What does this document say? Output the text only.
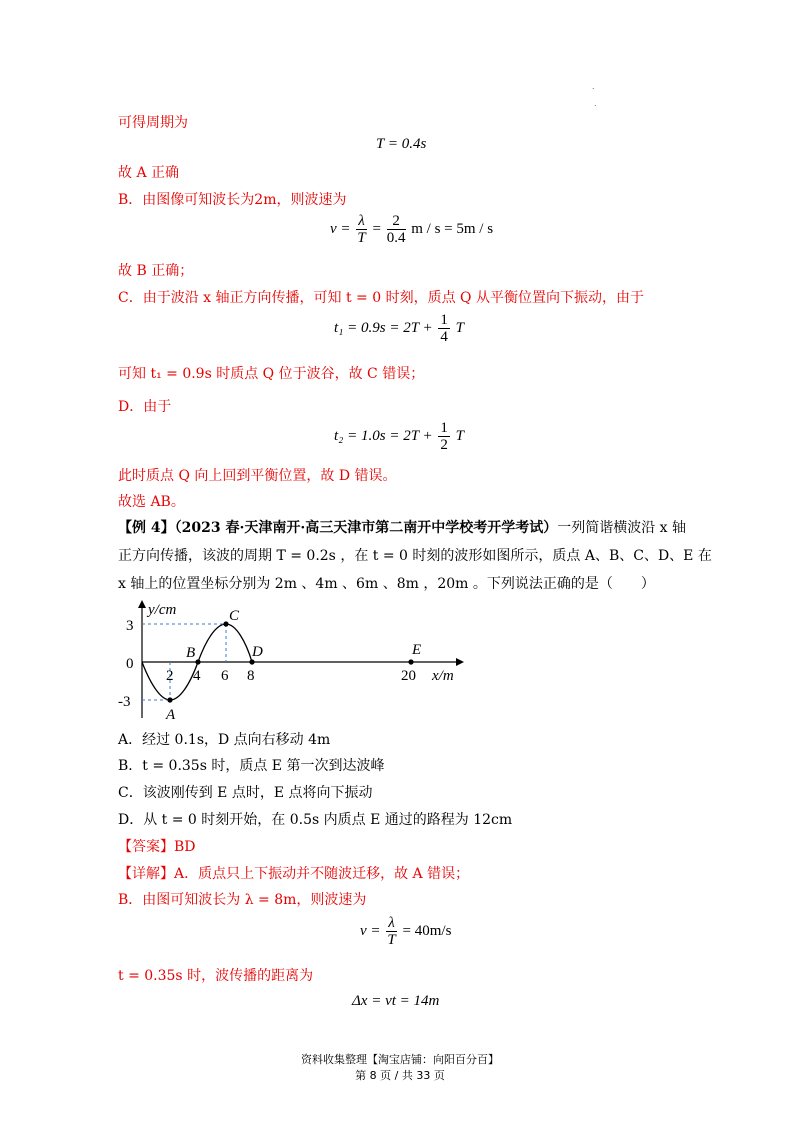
.
.
可得周期为
T = 0.4s
故 A 正确
B．由图像可知波长为2m，则波速为
$v = \frac{\lambda}{T} = \frac{2}{0.4}$ m / s = 5m / s
故 B 正确；
C．由于波沿 x 轴正方向传播，可知 t = 0 时刻，质点 Q 从平衡位置向下振动，由于
$t_1 = 0.9s = 2T + \frac{1}{4}$ T
可知 t₁ = 0.9s 时质点 Q 位于波谷，故 C 错误；
D．由于
$t_2 = 1.0s = 2T + \frac{1}{2}$ T
此时质点 Q 向上回到平衡位置，故 D 错误。
故选 AB。
【例 4】（2023 春·天津南开·高三天津市第二南开中学校考开学考试）一列简谐横波沿 x 轴
正方向传播，该波的周期 T = 0.2s ，在 t = 0 时刻的波形如图所示，质点 A、B、C、D、E 在
x 轴上的位置坐标分别为 2m 、4m 、6m 、8m ，20m 。下列说法正确的是（　　）
y/cm
x/m
3
0
-3
2 4 6 8	20
A
B
C
D	E
A．经过 0.1s，D 点向右移动 4m
B．t = 0.35s 时，质点 E 第一次到达波峰
C．该波刚传到 E 点时，E 点将向下振动
D．从 t = 0 时刻开始，在 0.5s 内质点 E 通过的路程为 12cm
【答案】BD
【详解】A．质点只上下振动并不随波迁移，故 A 错误；
B．由图可知波长为 λ = 8m，则波速为
$v = \frac{\lambda}{T} = 40m/s$
t = 0.35s 时，波传播的距离为
Δx = vt = 14m
资料收集整理【淘宝店铺：向阳百分百】
第 8 页 / 共 33 页
